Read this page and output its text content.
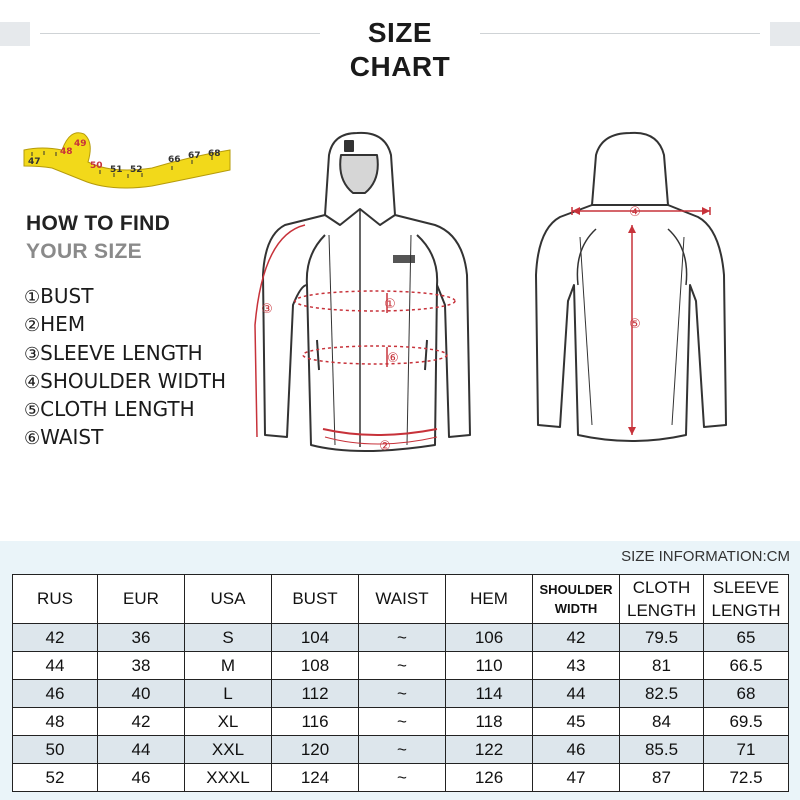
SIZE CHART
47
48
49
50 51 52
66 67 68
HOW TO FIND
YOUR SIZE
①BUST
②HEM
③SLEEVE LENGTH
④SHOULDER WIDTH
⑤CLOTH LENGTH
⑥WAIST
③	①
⑥
②
④
⑤
SIZE INFORMATION:CM
RUS	EUR	USA	BUST	WAIST	HEM	SHOULDER WIDTH	CLOTH LENGTH	SLEEVE LENGTH
42	36	S	104	~	106	42	79.5	65
44	38	M	108	~	110	43	81	66.5
46	40	L	112	~	114	44	82.5	68
48	42	XL	116	~	118	45	84	69.5
50	44	XXL	120	~	122	46	85.5	71
52	46	XXXL	124	~	126	47	87	72.5
